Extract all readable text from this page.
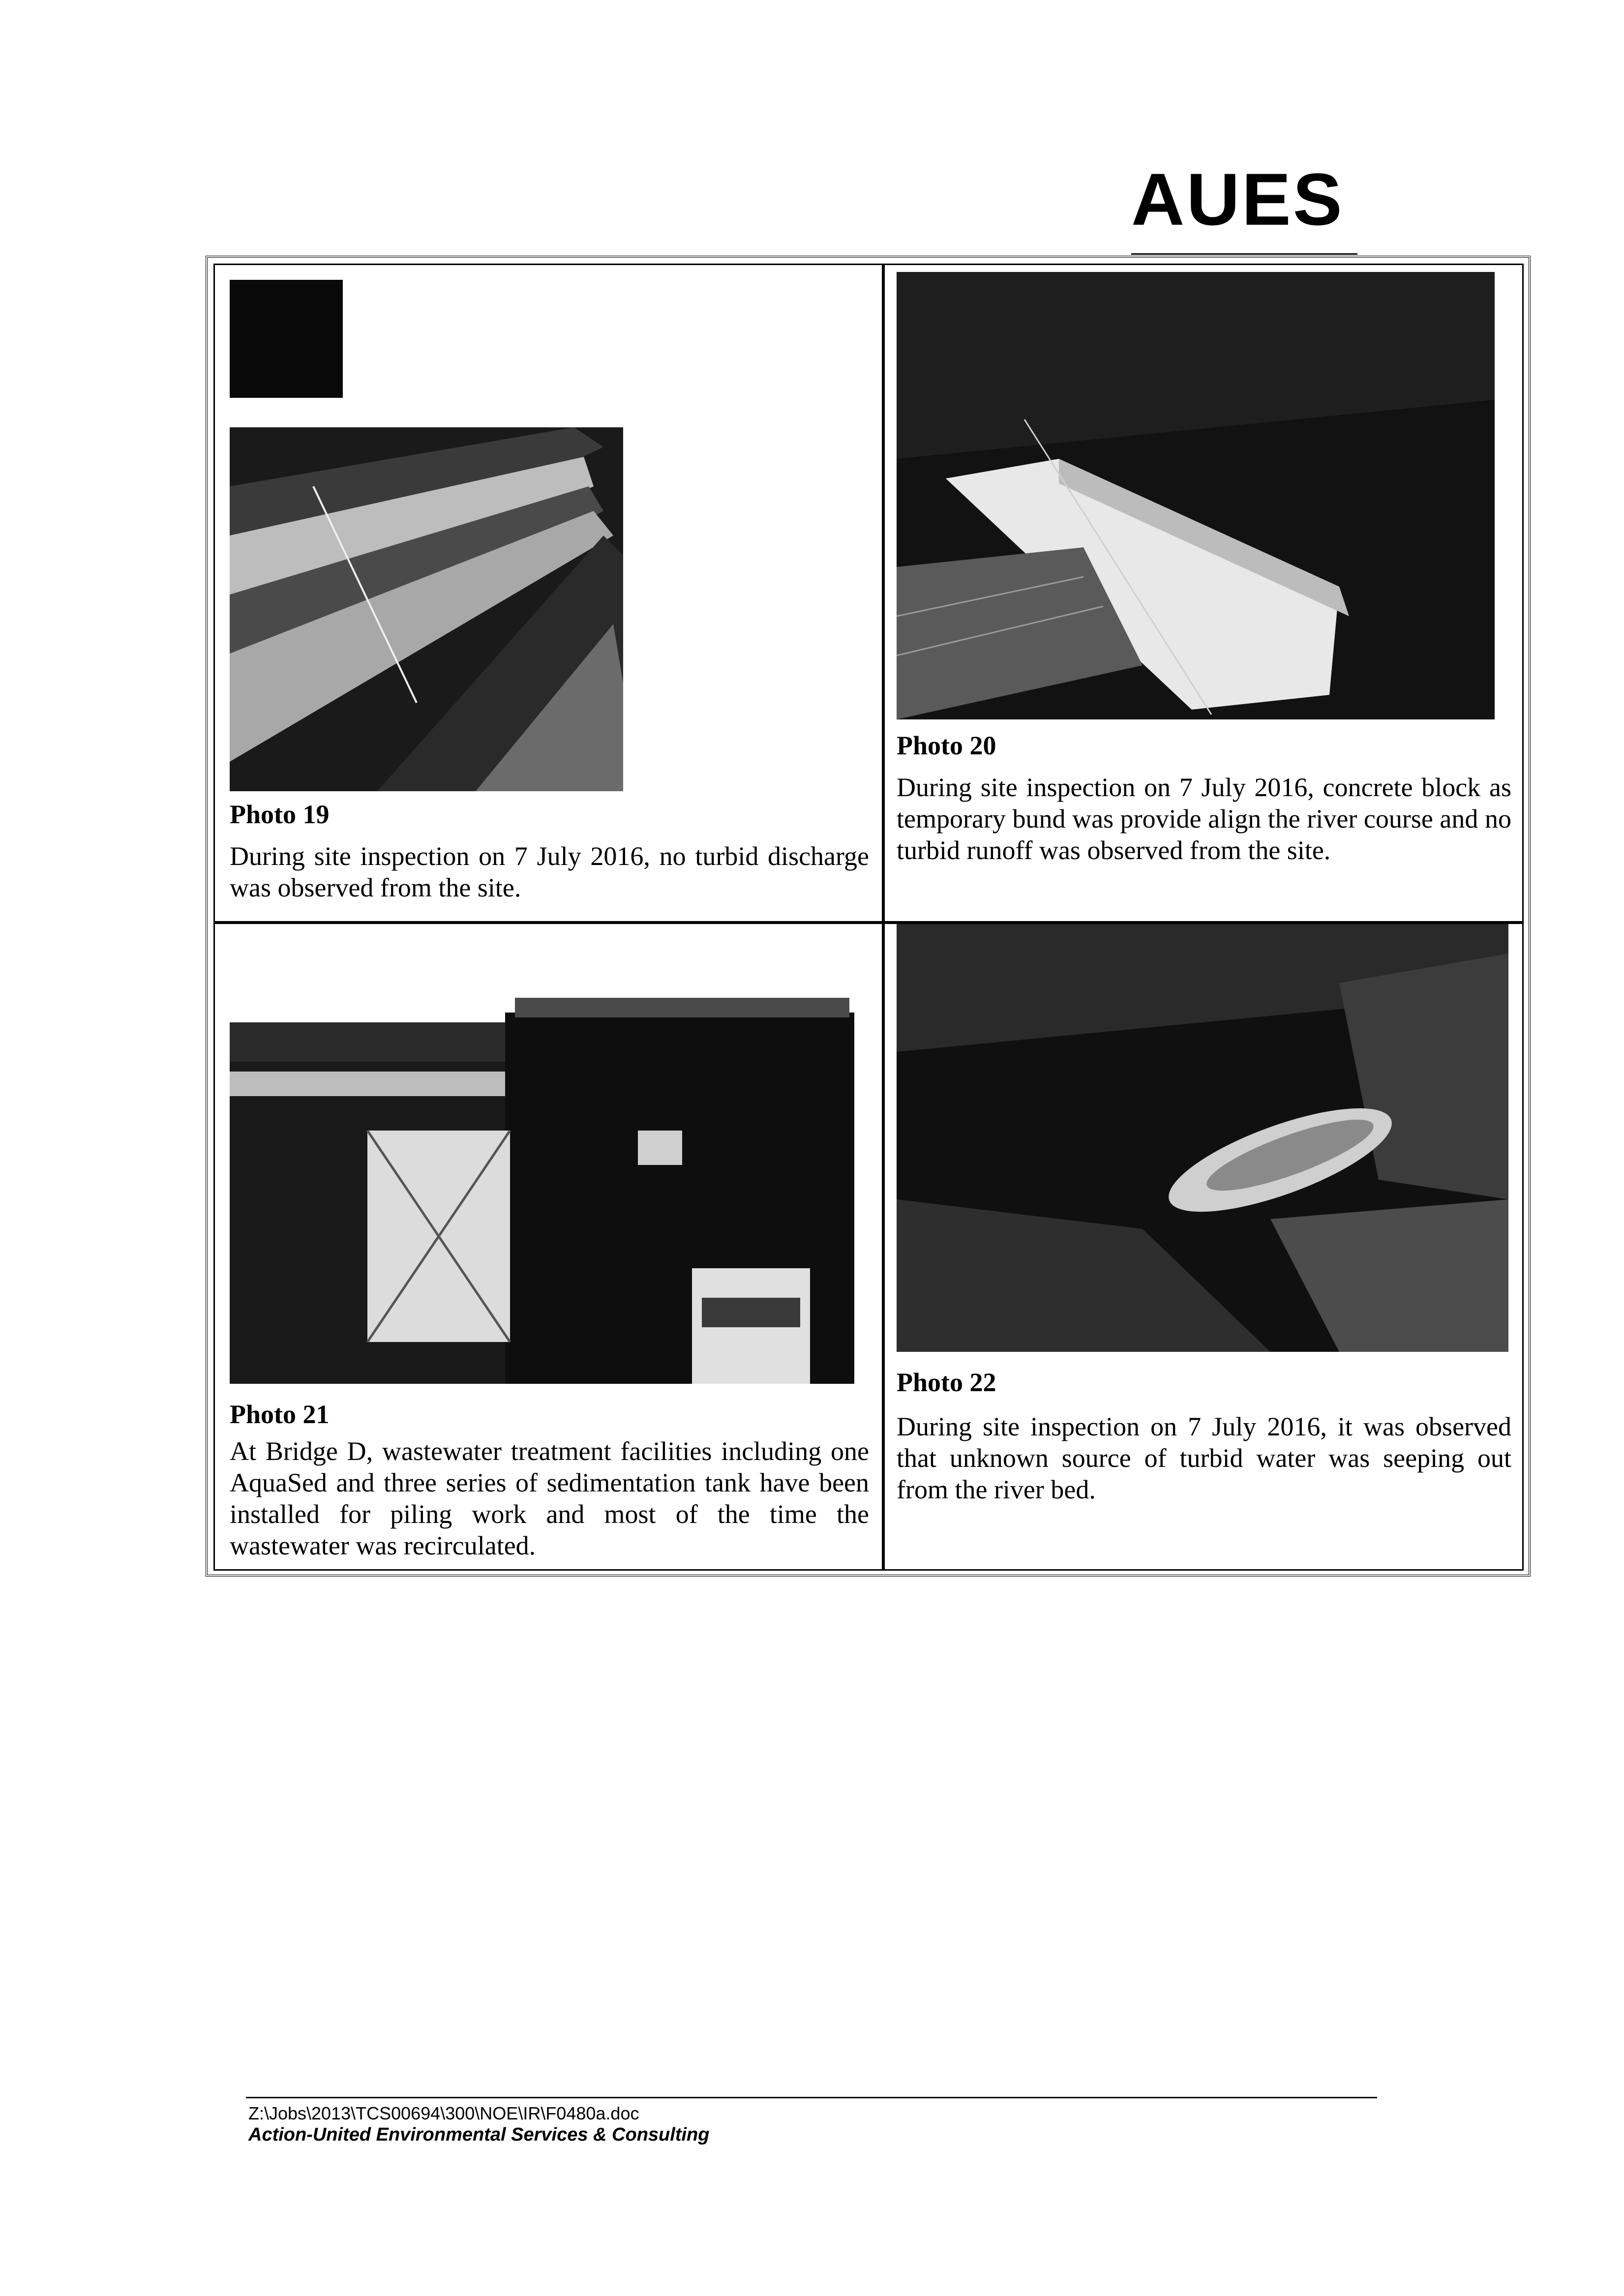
AUES
Photo 19
During site inspection on 7 July 2016, no turbid discharge was observed from the site.
Photo 20
During site inspection on 7 July 2016, concrete block as temporary bund was provide align the river course and no turbid runoff was observed from the site.
Photo 21
At Bridge D, wastewater treatment facilities including one AquaSed and three series of sedimentation tank have been installed for piling work and most of the time the wastewater was recirculated.
Photo 22
During site inspection on 7 July 2016, it was observed that unknown source of turbid water was seeping out from the river bed.
Z:\Jobs\2013\TCS00694\300\NOE\IR\F0480a.doc
Action-United Environmental Services & Consulting
